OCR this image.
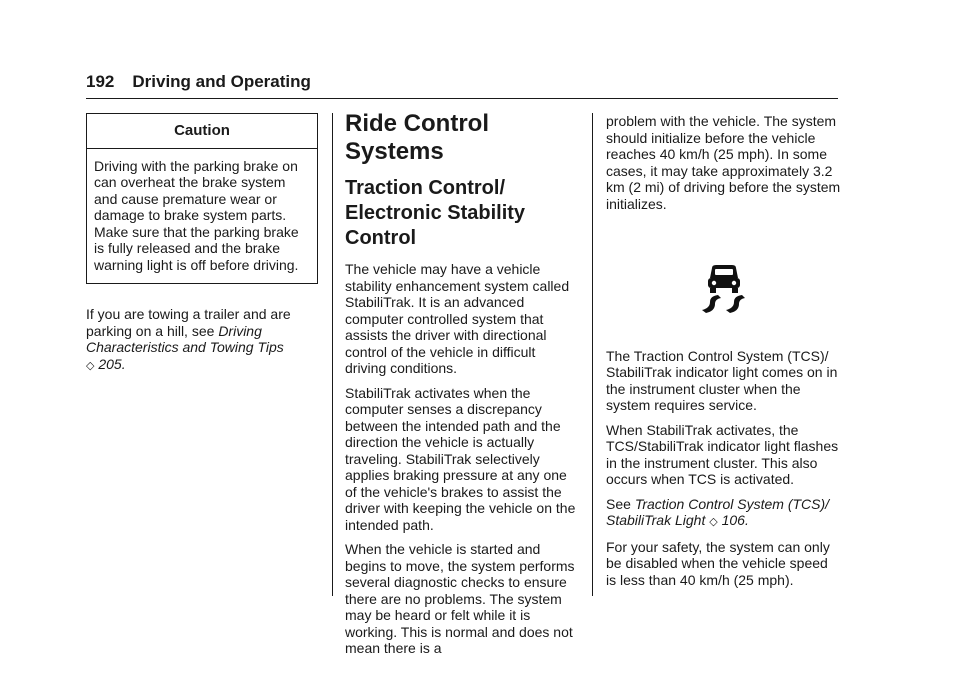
192 Driving and Operating
Caution
Driving with the parking brake on can overheat the brake system and cause premature wear or damage to brake system parts. Make sure that the parking brake is fully released and the brake warning light is off before driving.

If you are towing a trailer and are parking on a hill, see Driving Characteristics and Towing Tips
◇ 205.

Ride Control Systems
Traction Control/ Electronic Stability Control

The vehicle may have a vehicle stability enhancement system called StabiliTrak. It is an advanced computer controlled system that assists the driver with directional control of the vehicle in difficult driving conditions.

StabiliTrak activates when the computer senses a discrepancy between the intended path and the direction the vehicle is actually traveling. StabiliTrak selectively applies braking pressure at any one of the vehicle's brakes to assist the driver with keeping the vehicle on the intended path.

When the vehicle is started and begins to move, the system performs several diagnostic checks to ensure there are no problems. The system may be heard or felt while it is working. This is normal and does not mean there is a

problem with the vehicle. The system should initialize before the vehicle reaches 40 km/h (25 mph). In some cases, it may take approximately 3.2 km (2 mi) of driving before the system initializes.

The Traction Control System (TCS)/ StabiliTrak indicator light comes on in the instrument cluster when the system requires service.

When StabiliTrak activates, the TCS/StabiliTrak indicator light flashes in the instrument cluster. This also occurs when TCS is activated.

See Traction Control System (TCS)/ StabiliTrak Light ◇ 106.

For your safety, the system can only be disabled when the vehicle speed is less than 40 km/h (25 mph).
